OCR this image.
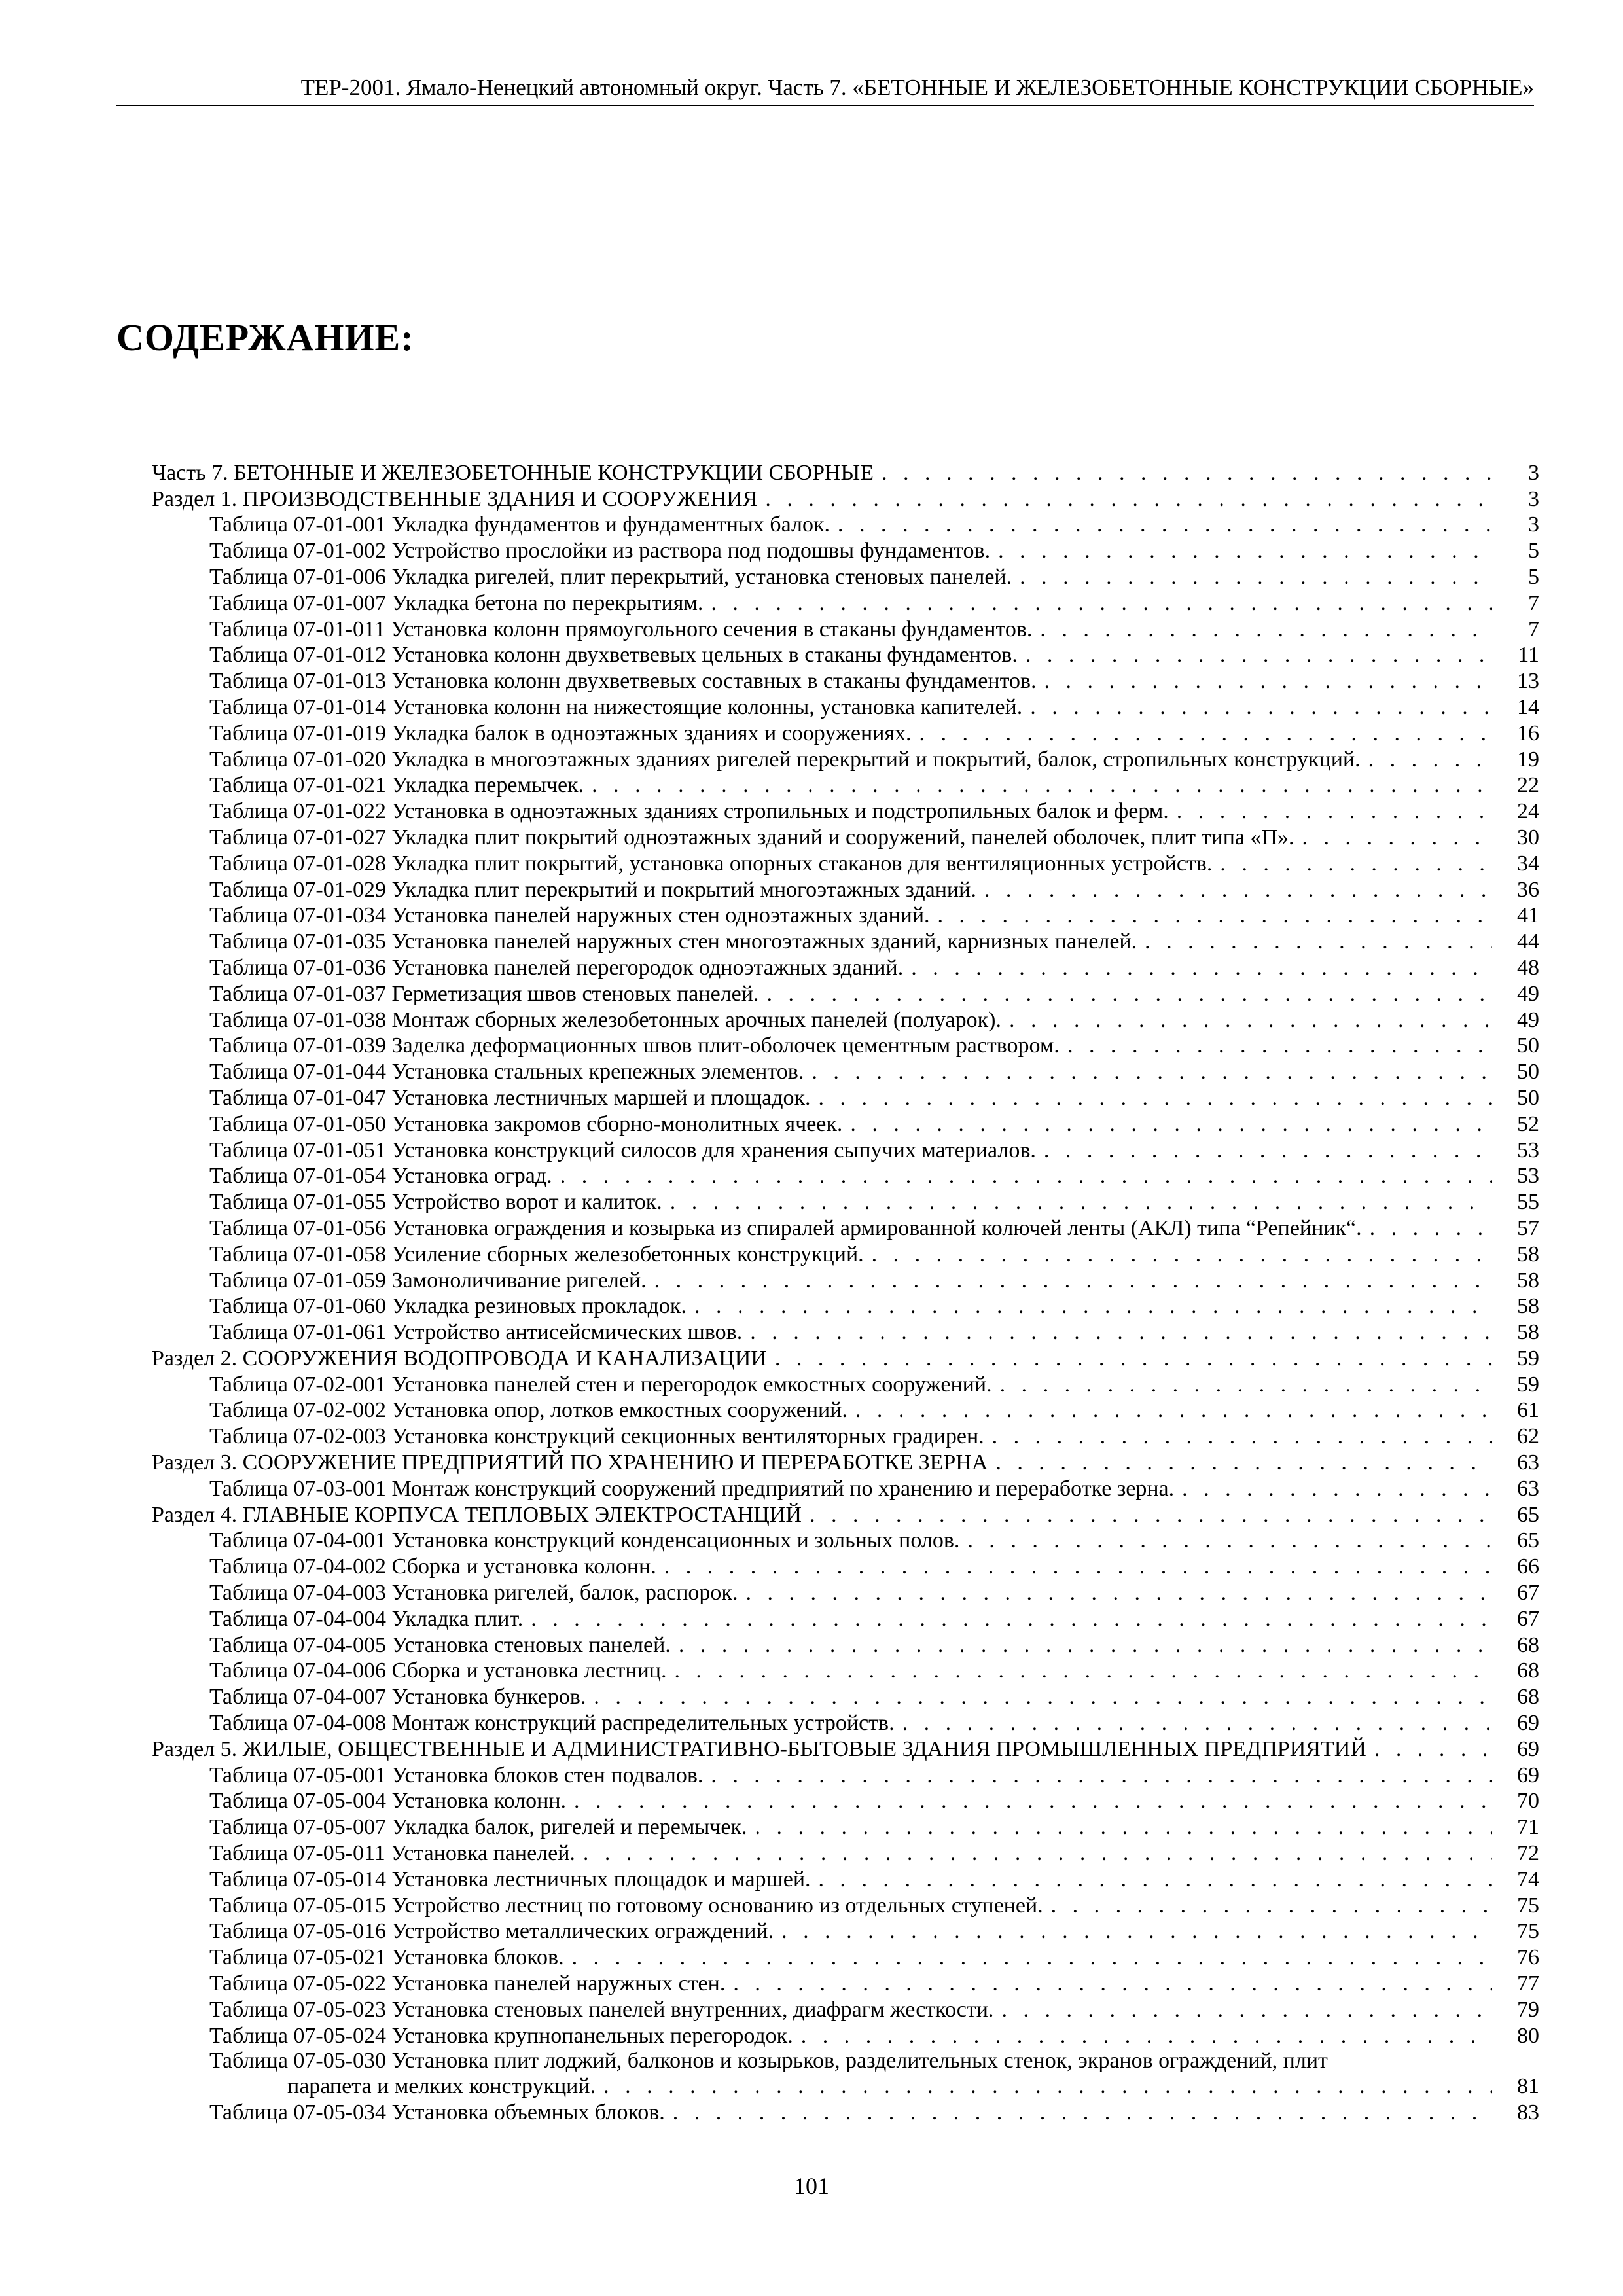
ТЕР-2001. Ямало-Ненецкий автономный округ. Часть 7. «БЕТОННЫЕ И ЖЕЛЕЗОБЕТОННЫЕ КОНСТРУКЦИИ СБОРНЫЕ»
СОДЕРЖАНИЕ:
Часть 7. БЕТОННЫЕ И ЖЕЛЕЗОБЕТОННЫЕ КОНСТРУКЦИИ СБОРНЫЕ . . .	3
Раздел 1. ПРОИЗВОДСТВЕННЫЕ ЗДАНИЯ И СООРУЖЕНИЯ . . .	3
Таблица 07-01-001 Укладка фундаментов и фундаментных балок. . . .	3
Таблица 07-01-002 Устройство прослойки из раствора под подошвы фундаментов. . . .	5
Таблица 07-01-006 Укладка ригелей, плит перекрытий, установка стеновых панелей. . . .	5
Таблица 07-01-007 Укладка бетона по перекрытиям. . . .	7
Таблица 07-01-011 Установка колонн прямоугольного сечения в стаканы фундаментов. . . .	7
Таблица 07-01-012 Установка колонн двухветвевых цельных в стаканы фундаментов. . . .	11
Таблица 07-01-013 Установка колонн двухветвевых составных в стаканы фундаментов. . . .	13
Таблица 07-01-014 Установка колонн на нижестоящие колонны, установка капителей. . . .	14
Таблица 07-01-019 Укладка балок в одноэтажных зданиях и сооружениях. . . .	16
Таблица 07-01-020 Укладка в многоэтажных зданиях ригелей перекрытий и покрытий, балок, стропильных конструкций. . . .	19
Таблица 07-01-021 Укладка перемычек. . . .	22
Таблица 07-01-022 Установка в одноэтажных зданиях стропильных и подстропильных балок и ферм. . . .	24
Таблица 07-01-027 Укладка плит покрытий одноэтажных зданий и сооружений, панелей оболочек, плит типа «П». . . .	30
Таблица 07-01-028 Укладка плит покрытий, установка опорных стаканов для вентиляционных устройств. . . .	34
Таблица 07-01-029 Укладка плит перекрытий и покрытий многоэтажных зданий. . . .	36
Таблица 07-01-034 Установка панелей наружных стен одноэтажных зданий. . . .	41
Таблица 07-01-035 Установка панелей наружных стен многоэтажных зданий, карнизных панелей. . . .	44
Таблица 07-01-036 Установка панелей перегородок одноэтажных зданий. . . .	48
Таблица 07-01-037 Герметизация швов стеновых панелей. . . .	49
Таблица 07-01-038 Монтаж сборных железобетонных арочных панелей (полуарок). . . .	49
Таблица 07-01-039 Заделка деформационных швов плит-оболочек цементным раствором. . . .	50
Таблица 07-01-044 Установка стальных крепежных элементов. . . .	50
Таблица 07-01-047 Установка лестничных маршей и площадок. . . .	50
Таблица 07-01-050 Установка закромов сборно-монолитных ячеек. . . .	52
Таблица 07-01-051 Установка конструкций силосов для хранения сыпучих материалов. . . .	53
Таблица 07-01-054 Установка оград. . . .	53
Таблица 07-01-055 Устройство ворот и калиток. . . .	55
Таблица 07-01-056 Установка ограждения и козырька из спиралей армированной колючей ленты (АКЛ) типа “Репейник“. . . .	57
Таблица 07-01-058 Усиление сборных железобетонных конструкций. . . .	58
Таблица 07-01-059 Замоноличивание ригелей. . . .	58
Таблица 07-01-060 Укладка резиновых прокладок. . . .	58
Таблица 07-01-061 Устройство антисейсмических швов. . . .	58
Раздел 2. СООРУЖЕНИЯ ВОДОПРОВОДА И КАНАЛИЗАЦИИ . . .	59
Таблица 07-02-001 Установка панелей стен и перегородок емкостных сооружений. . . .	59
Таблица 07-02-002 Установка опор, лотков емкостных сооружений. . . .	61
Таблица 07-02-003 Установка конструкций секционных вентиляторных градирен. . . .	62
Раздел 3. СООРУЖЕНИЕ ПРЕДПРИЯТИЙ ПО ХРАНЕНИЮ И ПЕРЕРАБОТКЕ ЗЕРНА . . .	63
Таблица 07-03-001 Монтаж конструкций сооружений предприятий по хранению и переработке зерна. . . .	63
Раздел 4. ГЛАВНЫЕ КОРПУСА ТЕПЛОВЫХ ЭЛЕКТРОСТАНЦИЙ . . .	65
Таблица 07-04-001 Установка конструкций конденсационных и зольных полов. . . .	65
Таблица 07-04-002 Сборка и установка колонн. . . .	66
Таблица 07-04-003 Установка ригелей, балок, распорок. . . .	67
Таблица 07-04-004 Укладка плит. . . .	67
Таблица 07-04-005 Установка стеновых панелей. . . .	68
Таблица 07-04-006 Сборка и установка лестниц. . . .	68
Таблица 07-04-007 Установка бункеров. . . .	68
Таблица 07-04-008 Монтаж конструкций распределительных устройств. . . .	69
Раздел 5. ЖИЛЫЕ, ОБЩЕСТВЕННЫЕ И АДМИНИСТРАТИВНО-БЫТОВЫЕ ЗДАНИЯ ПРОМЫШЛЕННЫХ ПРЕДПРИЯТИЙ . . .	69
Таблица 07-05-001 Установка блоков стен подвалов. . . .	69
Таблица 07-05-004 Установка колонн. . . .	70
Таблица 07-05-007 Укладка балок, ригелей и перемычек. . . .	71
Таблица 07-05-011 Установка панелей. . . .	72
Таблица 07-05-014 Установка лестничных площадок и маршей. . . .	74
Таблица 07-05-015 Устройство лестниц по готовому основанию из отдельных ступеней. . . .	75
Таблица 07-05-016 Устройство металлических ограждений. . . .	75
Таблица 07-05-021 Установка блоков. . . .	76
Таблица 07-05-022 Установка панелей наружных стен. . . .	77
Таблица 07-05-023 Установка стеновых панелей внутренних, диафрагм жесткости. . . .	79
Таблица 07-05-024 Установка крупнопанельных перегородок. . . .	80
Таблица 07-05-030 Установка плит лоджий, балконов и козырьков, разделительных стенок, экранов ограждений, плит
парапета и мелких конструкций. . . .	81
Таблица 07-05-034 Установка объемных блоков. . . .	83
101
